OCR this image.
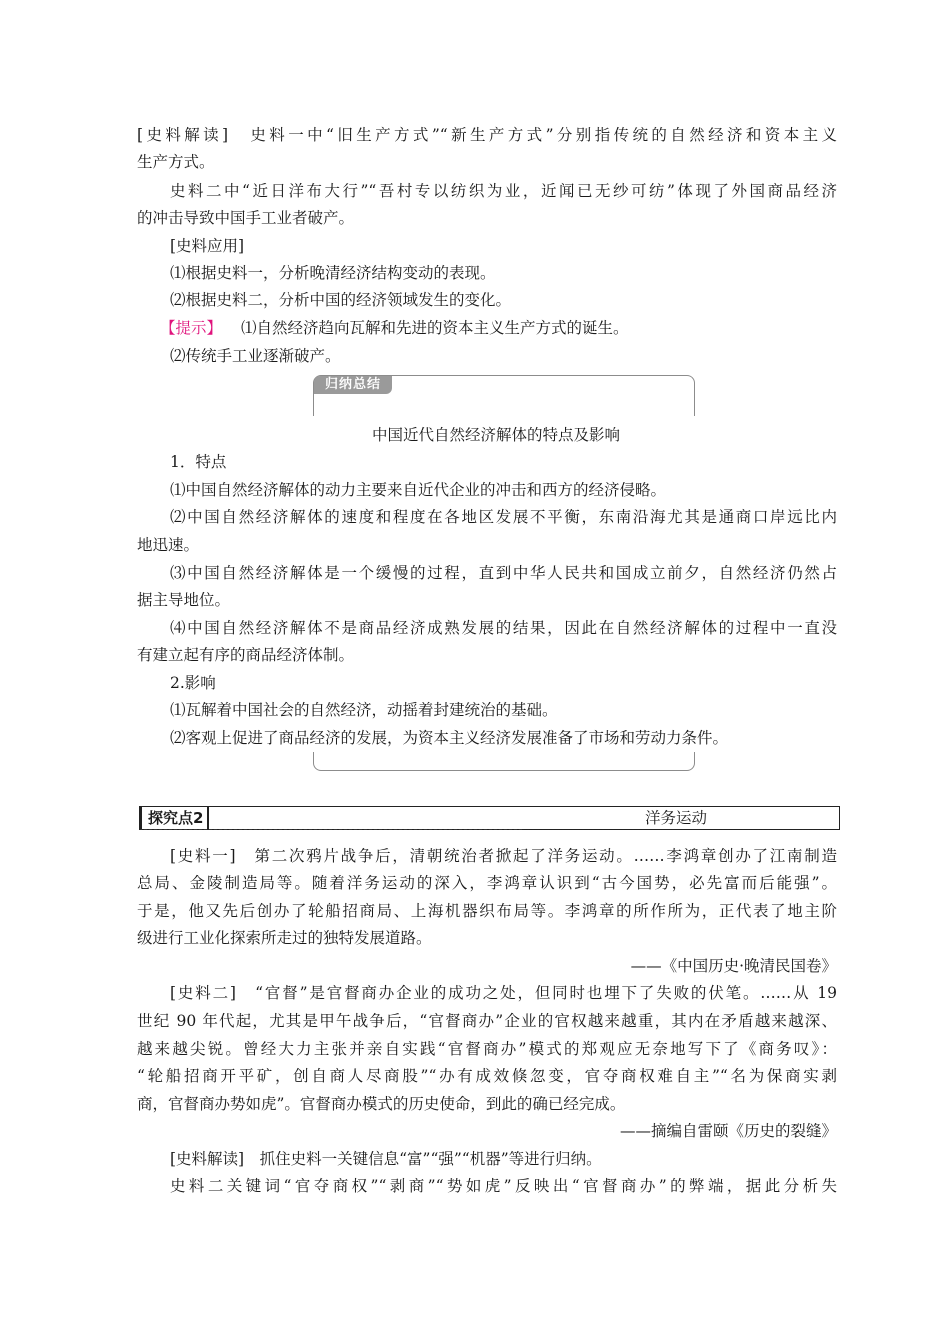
[史料解读]　史料一中“旧生产方式”“新生产方式”分别指传统的自然经济和资本主义
生产方式。
史料二中“近日洋布大行”“吾村专以纺织为业，近闻已无纱可纺”体现了外国商品经济
的冲击导致中国手工业者破产。
[史料应用]
⑴根据史料一，分析晚清经济结构变动的表现。
⑵根据史料二，分析中国的经济领域发生的变化。
【提示】 ⑴自然经济趋向瓦解和先进的资本主义生产方式的诞生。
⑵传统手工业逐渐破产。
归纳总结
中国近代自然经济解体的特点及影响
1．特点
⑴中国自然经济解体的动力主要来自近代企业的冲击和西方的经济侵略。
⑵中国自然经济解体的速度和程度在各地区发展不平衡，东南沿海尤其是通商口岸远比内
地迅速。
⑶中国自然经济解体是一个缓慢的过程，直到中华人民共和国成立前夕，自然经济仍然占
据主导地位。
⑷中国自然经济解体不是商品经济成熟发展的结果，因此在自然经济解体的过程中一直没
有建立起有序的商品经济体制。
2.影响
⑴瓦解着中国社会的自然经济，动摇着封建统治的基础。
⑵客观上促进了商品经济的发展，为资本主义经济发展准备了市场和劳动力条件。
探究点2	洋务运动
[史料一]　第二次鸦片战争后，清朝统治者掀起了洋务运动。……李鸿章创办了江南制造
总局、金陵制造局等。随着洋务运动的深入，李鸿章认识到“古今国势，必先富而后能强”。
于是，他又先后创办了轮船招商局、上海机器织布局等。李鸿章的所作所为，正代表了地主阶
级进行工业化探索所走过的独特发展道路。
——《中国历史·晚清民国卷》
[史料二]　“官督”是官督商办企业的成功之处，但同时也埋下了失败的伏笔。……从 19
世纪 90 年代起，尤其是甲午战争后，“官督商办”企业的官权越来越重，其内在矛盾越来越深、
越来越尖锐。曾经大力主张并亲自实践“官督商办”模式的郑观应无奈地写下了《商务叹》：
“轮船招商开平矿，创自商人尽商股”“办有成效倏忽变，官夺商权难自主”“名为保商实剥
商，官督商办势如虎”。官督商办模式的历史使命，到此的确已经完成。
——摘编自雷颐《历史的裂缝》
[史料解读]　抓住史料一关键信息“富”“强”“机器”等进行归纳。
史料二关键词“官夺商权”“剥商”“势如虎”反映出“官督商办”的弊端，据此分析失
